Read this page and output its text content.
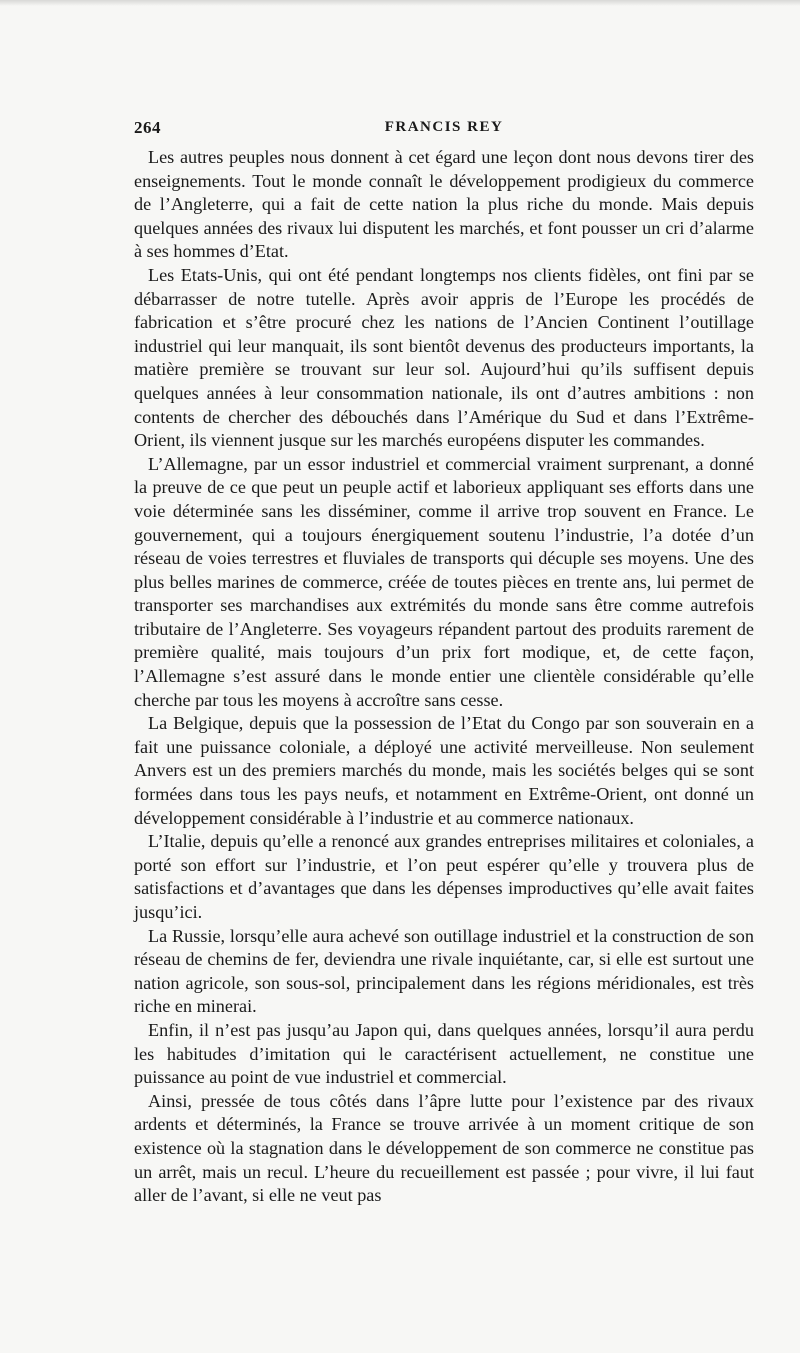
264	FRANCIS REY

Les autres peuples nous donnent à cet égard une leçon dont nous devons tirer des enseignements. Tout le monde connaît le développement prodigieux du commerce de l’Angleterre, qui a fait de cette nation la plus riche du monde. Mais depuis quelques années des rivaux lui disputent les marchés, et font pousser un cri d’alarme à ses hommes d’Etat.

Les Etats-Unis, qui ont été pendant longtemps nos clients fidèles, ont fini par se débarrasser de notre tutelle. Après avoir appris de l’Europe les procédés de fabrication et s’être procuré chez les nations de l’Ancien Continent l’outillage industriel qui leur manquait, ils sont bientôt devenus des producteurs importants, la matière première se trouvant sur leur sol. Aujourd’hui qu’ils suffisent depuis quelques années à leur consommation nationale, ils ont d’autres ambitions : non contents de chercher des débouchés dans l’Amérique du Sud et dans l’Extrême-Orient, ils viennent jusque sur les marchés européens disputer les commandes.

L’Allemagne, par un essor industriel et commercial vraiment surprenant, a donné la preuve de ce que peut un peuple actif et laborieux appliquant ses efforts dans une voie déterminée sans les disséminer, comme il arrive trop souvent en France. Le gouvernement, qui a toujours énergiquement soutenu l’industrie, l’a dotée d’un réseau de voies terrestres et fluviales de transports qui décuple ses moyens. Une des plus belles marines de commerce, créée de toutes pièces en trente ans, lui permet de transporter ses marchandises aux extrémités du monde sans être comme autrefois tributaire de l’Angleterre. Ses voyageurs répandent partout des produits rarement de première qualité, mais toujours d’un prix fort modique, et, de cette façon, l’Allemagne s’est assuré dans le monde entier une clientèle considérable qu’elle cherche par tous les moyens à accroître sans cesse.

La Belgique, depuis que la possession de l’Etat du Congo par son souverain en a fait une puissance coloniale, a déployé une activité merveilleuse. Non seulement Anvers est un des premiers marchés du monde, mais les sociétés belges qui se sont formées dans tous les pays neufs, et notamment en Extrême-Orient, ont donné un développement considérable à l’industrie et au commerce nationaux.

L’Italie, depuis qu’elle a renoncé aux grandes entreprises militaires et coloniales, a porté son effort sur l’industrie, et l’on peut espérer qu’elle y trouvera plus de satisfactions et d’avantages que dans les dépenses improductives qu’elle avait faites jusqu’ici.

La Russie, lorsqu’elle aura achevé son outillage industriel et la construction de son réseau de chemins de fer, deviendra une rivale inquiétante, car, si elle est surtout une nation agricole, son sous-sol, principalement dans les régions méridionales, est très riche en minerai.

Enfin, il n’est pas jusqu’au Japon qui, dans quelques années, lorsqu’il aura perdu les habitudes d’imitation qui le caractérisent actuellement, ne constitue une puissance au point de vue industriel et commercial.

Ainsi, pressée de tous côtés dans l’âpre lutte pour l’existence par des rivaux ardents et déterminés, la France se trouve arrivée à un moment critique de son existence où la stagnation dans le développement de son commerce ne constitue pas un arrêt, mais un recul. L’heure du recueillement est passée ; pour vivre, il lui faut aller de l’avant, si elle ne veut pas
